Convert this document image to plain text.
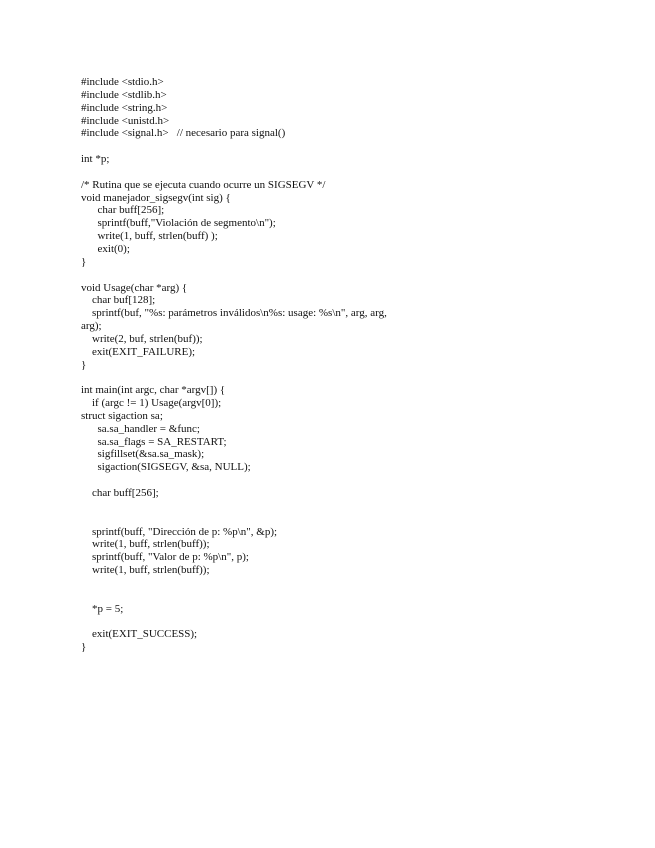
#include <stdio.h>
#include <stdlib.h>
#include <string.h>
#include <unistd.h>
#include <signal.h>   // necesario para signal()
int *p;
/* Rutina que se ejecuta cuando ocurre un SIGSEGV */
void manejador_sigsegv(int sig) {
char buff[256];
sprintf(buff,"Violación de segmento\n");
write(1, buff, strlen(buff) );
exit(0);
}
void Usage(char *arg) {
char buf[128];
sprintf(buf, "%s: parámetros inválidos\n%s: usage: %s\n", arg, arg,
arg);
write(2, buf, strlen(buf));
exit(EXIT_FAILURE);
}
int main(int argc, char *argv[]) {
if (argc != 1) Usage(argv[0]);
struct sigaction sa;
sa.sa_handler = &func;
sa.sa_flags = SA_RESTART;
sigfillset(&sa.sa_mask);
sigaction(SIGSEGV, &sa, NULL);
char buff[256];
sprintf(buff, "Dirección de p: %p\n", &p);
write(1, buff, strlen(buff));
sprintf(buff, "Valor de p: %p\n", p);
write(1, buff, strlen(buff));
*p = 5;
exit(EXIT_SUCCESS);
}
